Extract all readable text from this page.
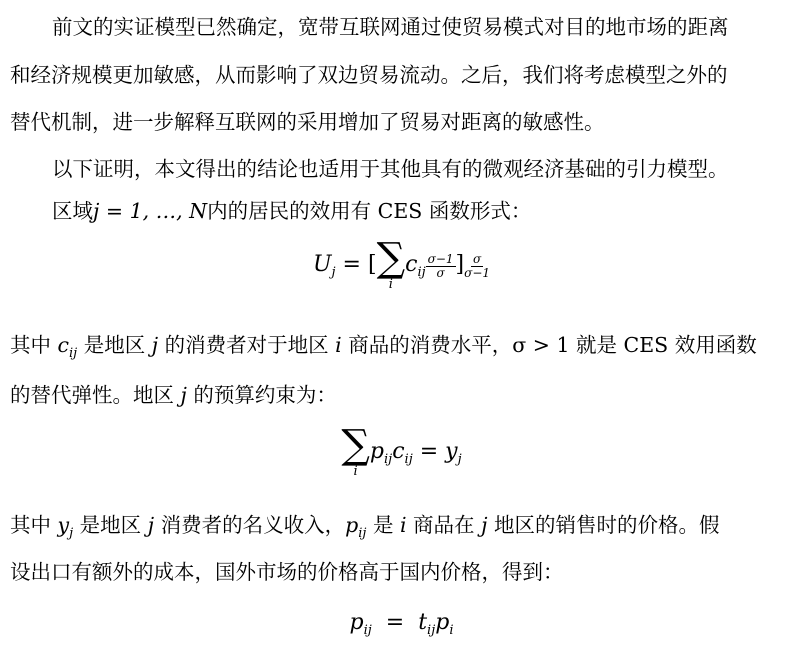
前文的实证模型已然确定，宽带互联网通过使贸易模式对目的地市场的距离
和经济规模更加敏感，从而影响了双边贸易流动。之后，我们将考虑模型之外的
替代机制，进一步解释互联网的采用增加了贸易对距离的敏感性。
以下证明，本文得出的结论也适用于其他具有的微观经济基础的引力模型。
区域j = 1, …, N内的居民的效用有 CES 函数形式：
$U_j$ = [ ∑
i
$c_{ij} \frac{\sigma-1}{\sigma}$ ] $\frac{\sigma}{\sigma-1}$
其中 $c_{ij}$ 是地区 j 的消费者对于地区 i 商品的消费水平，σ > 1 就是 CES 效用函数
的替代弹性。地区 j 的预算约束为：
∑
i
$p_{ij}c_{ij} = y_j$
其中 $y_j$ 是地区 j 消费者的名义收入，$p_{ij}$ 是 i 商品在 j 地区的销售时的价格。假
设出口有额外的成本，国外市场的价格高于国内价格，得到：
$p_{ij} = t_{ij}p_i$
